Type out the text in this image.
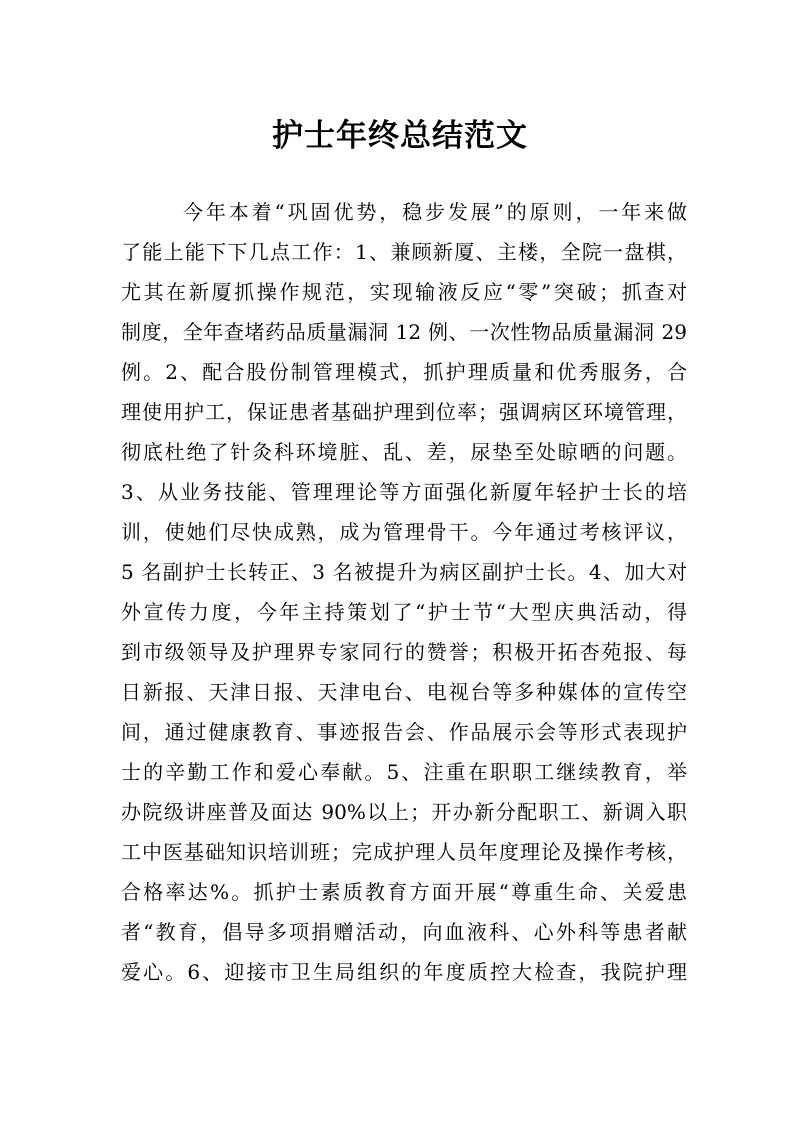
护士年终总结范文
今年本着“巩固优势，稳步发展”的原则，一年来做
了能上能下下几点工作：1、兼顾新厦、主楼，全院一盘棋，
尤其在新厦抓操作规范，实现输液反应“零”突破；抓查对
制度，全年查堵药品质量漏洞 12 例、一次性物品质量漏洞 29
例。2、配合股份制管理模式，抓护理质量和优秀服务，合
理使用护工，保证患者基础护理到位率；强调病区环境管理，
彻底杜绝了针灸科环境脏、乱、差，尿垫至处晾晒的问题。
3、从业务技能、管理理论等方面强化新厦年轻护士长的培
训，使她们尽快成熟，成为管理骨干。今年通过考核评议，
5 名副护士长转正、3 名被提升为病区副护士长。4、加大对
外宣传力度，今年主持策划了“护士节“大型庆典活动，得
到市级领导及护理界专家同行的赞誉；积极开拓杏苑报、每
日新报、天津日报、天津电台、电视台等多种媒体的宣传空
间，通过健康教育、事迹报告会、作品展示会等形式表现护
士的辛勤工作和爱心奉献。5、注重在职职工继续教育，举
办院级讲座普及面达 90%以上；开办新分配职工、新调入职
工中医基础知识培训班；完成护理人员年度理论及操作考核，
合格率达%。抓护士素质教育方面开展“尊重生命、关爱患
者“教育，倡导多项捐赠活动，向血液科、心外科等患者献
爱心。6、迎接市卫生局组织的年度质控大检查，我院护理
